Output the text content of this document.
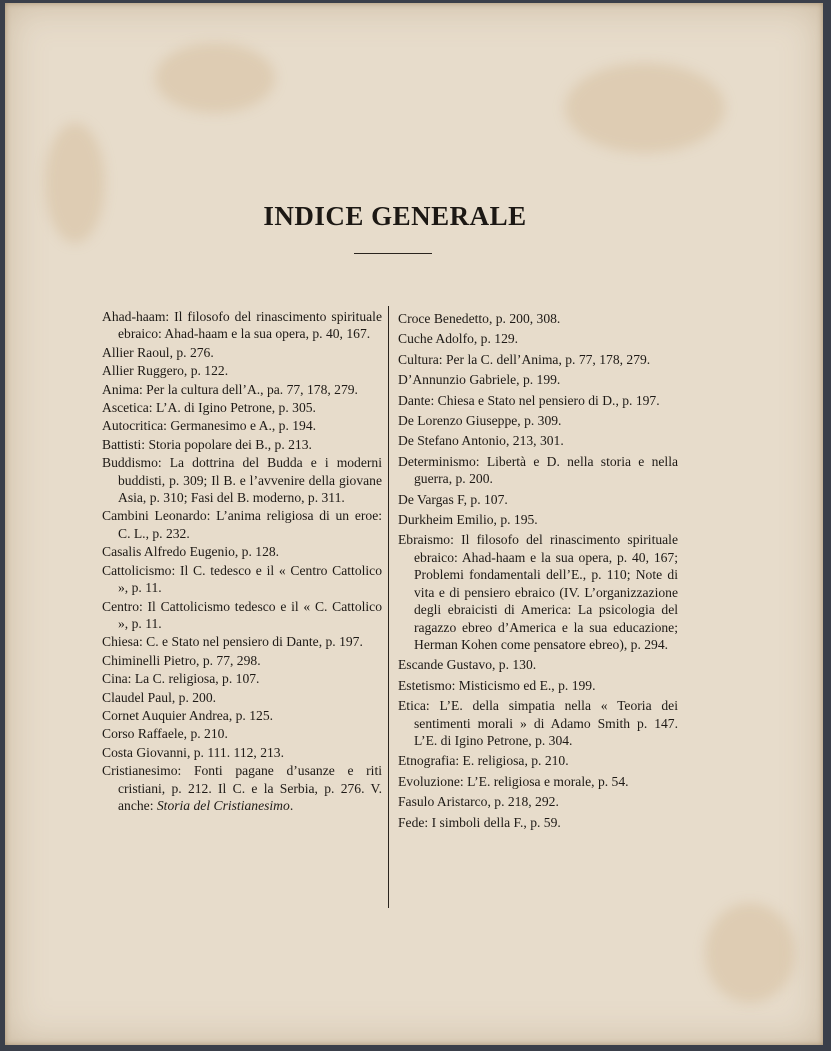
INDICE GENERALE
Ahad-haam: Il filosofo del rinascimento spirituale ebraico: Ahad-haam e la sua opera, p. 40, 167.
Allier Raoul, p. 276.
Allier Ruggero, p. 122.
Anima: Per la cultura dell’A., pa. 77, 178, 279.
Ascetica: L’A. di Igino Petrone, p. 305.
Autocritica: Germanesimo e A., p. 194.
Battisti: Storia popolare dei B., p. 213.
Buddismo: La dottrina del Budda e i moderni buddisti, p. 309; Il B. e l’avvenire della giovane Asia, p. 310; Fasi del B. moderno, p. 311.
Cambini Leonardo: L’anima religiosa di un eroe: C. L., p. 232.
Casalis Alfredo Eugenio, p. 128.
Cattolicismo: Il C. tedesco e il « Centro Cattolico », p. 11.
Centro: Il Cattolicismo tedesco e il « C. Cattolico », p. 11.
Chiesa: C. e Stato nel pensiero di Dante, p. 197.
Chiminelli Pietro, p. 77, 298.
Cina: La C. religiosa, p. 107.
Claudel Paul, p. 200.
Cornet Auquier Andrea, p. 125.
Corso Raffaele, p. 210.
Costa Giovanni, p. 111. 112, 213.
Cristianesimo: Fonti pagane d’usanze e riti cristiani, p. 212. Il C. e la Serbia, p. 276. V. anche: Storia del Cristianesimo.
Croce Benedetto, p. 200, 308.
Cuche Adolfo, p. 129.
Cultura: Per la C. dell’Anima, p. 77, 178, 279.
D’Annunzio Gabriele, p. 199.
Dante: Chiesa e Stato nel pensiero di D., p. 197.
De Lorenzo Giuseppe, p. 309.
De Stefano Antonio, 213, 301.
Determinismo: Libertà e D. nella storia e nella guerra, p. 200.
De Vargas F, p. 107.
Durkheim Emilio, p. 195.
Ebraismo: Il filosofo del rinascimento spirituale ebraico: Ahad-haam e la sua opera, p. 40, 167; Problemi fondamentali dell’E., p. 110; Note di vita e di pensiero ebraico (IV. L’organizzazione degli ebraicisti di America: La psicologia del ragazzo ebreo d’America e la sua educazione; Herman Kohen come pensatore ebreo), p. 294.
Escande Gustavo, p. 130.
Estetismo: Misticismo ed E., p. 199.
Etica: L’E. della simpatia nella « Teoria dei sentimenti morali » di Adamo Smith p. 147. L’E. di Igino Petrone, p. 304.
Etnografia: E. religiosa, p. 210.
Evoluzione: L’E. religiosa e morale, p. 54.
Fasulo Aristarco, p. 218, 292.
Fede: I simboli della F., p. 59.
